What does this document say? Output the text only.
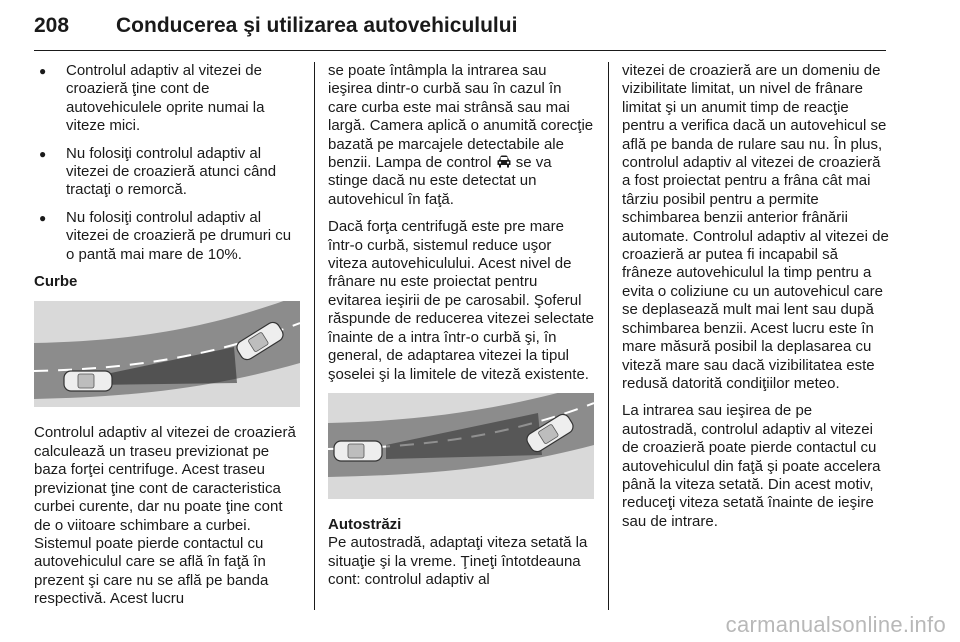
208 Conducerea şi utilizarea autovehiculului
● Controlul adaptiv al vitezei de croazieră ţine cont de autovehiculele oprite numai la viteze mici.
● Nu folosiţi controlul adaptiv al vitezei de croazieră atunci când tractaţi o remorcă.
● Nu folosiţi controlul adaptiv al vitezei de croazieră pe drumuri cu o pantă mai mare de 10%.
Curbe

Controlul adaptiv al vitezei de croazieră calculează un traseu previzionat pe baza forţei centrifuge. Acest traseu previzionat ţine cont de caracteristica curbei curente, dar nu poate ţine cont de o viitoare schimbare a curbei. Sistemul poate pierde contactul cu autovehiculul care se află în faţă în prezent şi care nu se află pe banda respectivă. Acest lucru

se poate întâmpla la intrarea sau ieşirea dintr-o curbă sau în cazul în care curba este mai strânsă sau mai largă. Camera aplică o anumită corecţie bazată pe marcajele detectabile ale benzii. Lampa de control se va stinge dacă nu este detectat un autovehicul în faţă.

Dacă forţa centrifugă este pre mare într-o curbă, sistemul reduce uşor viteza autovehiculului. Acest nivel de frânare nu este proiectat pentru evitarea ieşirii de pe carosabil. Şoferul răspunde de reducerea vitezei selectate înainte de a intra într-o curbă şi, în general, de adaptarea vitezei la tipul şoselei şi la limitele de viteză existente.

Autostrăzi

Pe autostradă, adaptaţi viteza setată la situaţie şi la vreme. Ţineţi întotdeauna cont: controlul adaptiv al

vitezei de croazieră are un domeniu de vizibilitate limitat, un nivel de frânare limitat şi un anumit timp de reacţie pentru a verifica dacă un autovehicul se află pe banda de rulare sau nu. În plus, controlul adaptiv al vitezei de croazieră a fost proiectat pentru a frâna cât mai târziu posibil pentru a permite schimbarea benzii anterior frânării automate. Controlul adaptiv al vitezei de croazieră ar putea fi incapabil să frâneze autovehiculul la timp pentru a evita o coliziune cu un autovehicul care se deplasează mult mai lent sau după schimbarea benzii. Acest lucru este în mare măsură posibil la deplasarea cu viteză mare sau dacă vizibilitatea este redusă datorită condiţiilor meteo.

La intrarea sau ieşirea de pe autostradă, controlul adaptiv al vitezei de croazieră poate pierde contactul cu autovehiculul din faţă şi poate accelera până la viteza setată. Din acest motiv, reduceţi viteza setată înainte de ieşire sau de intrare.

carmanualsonline.info
